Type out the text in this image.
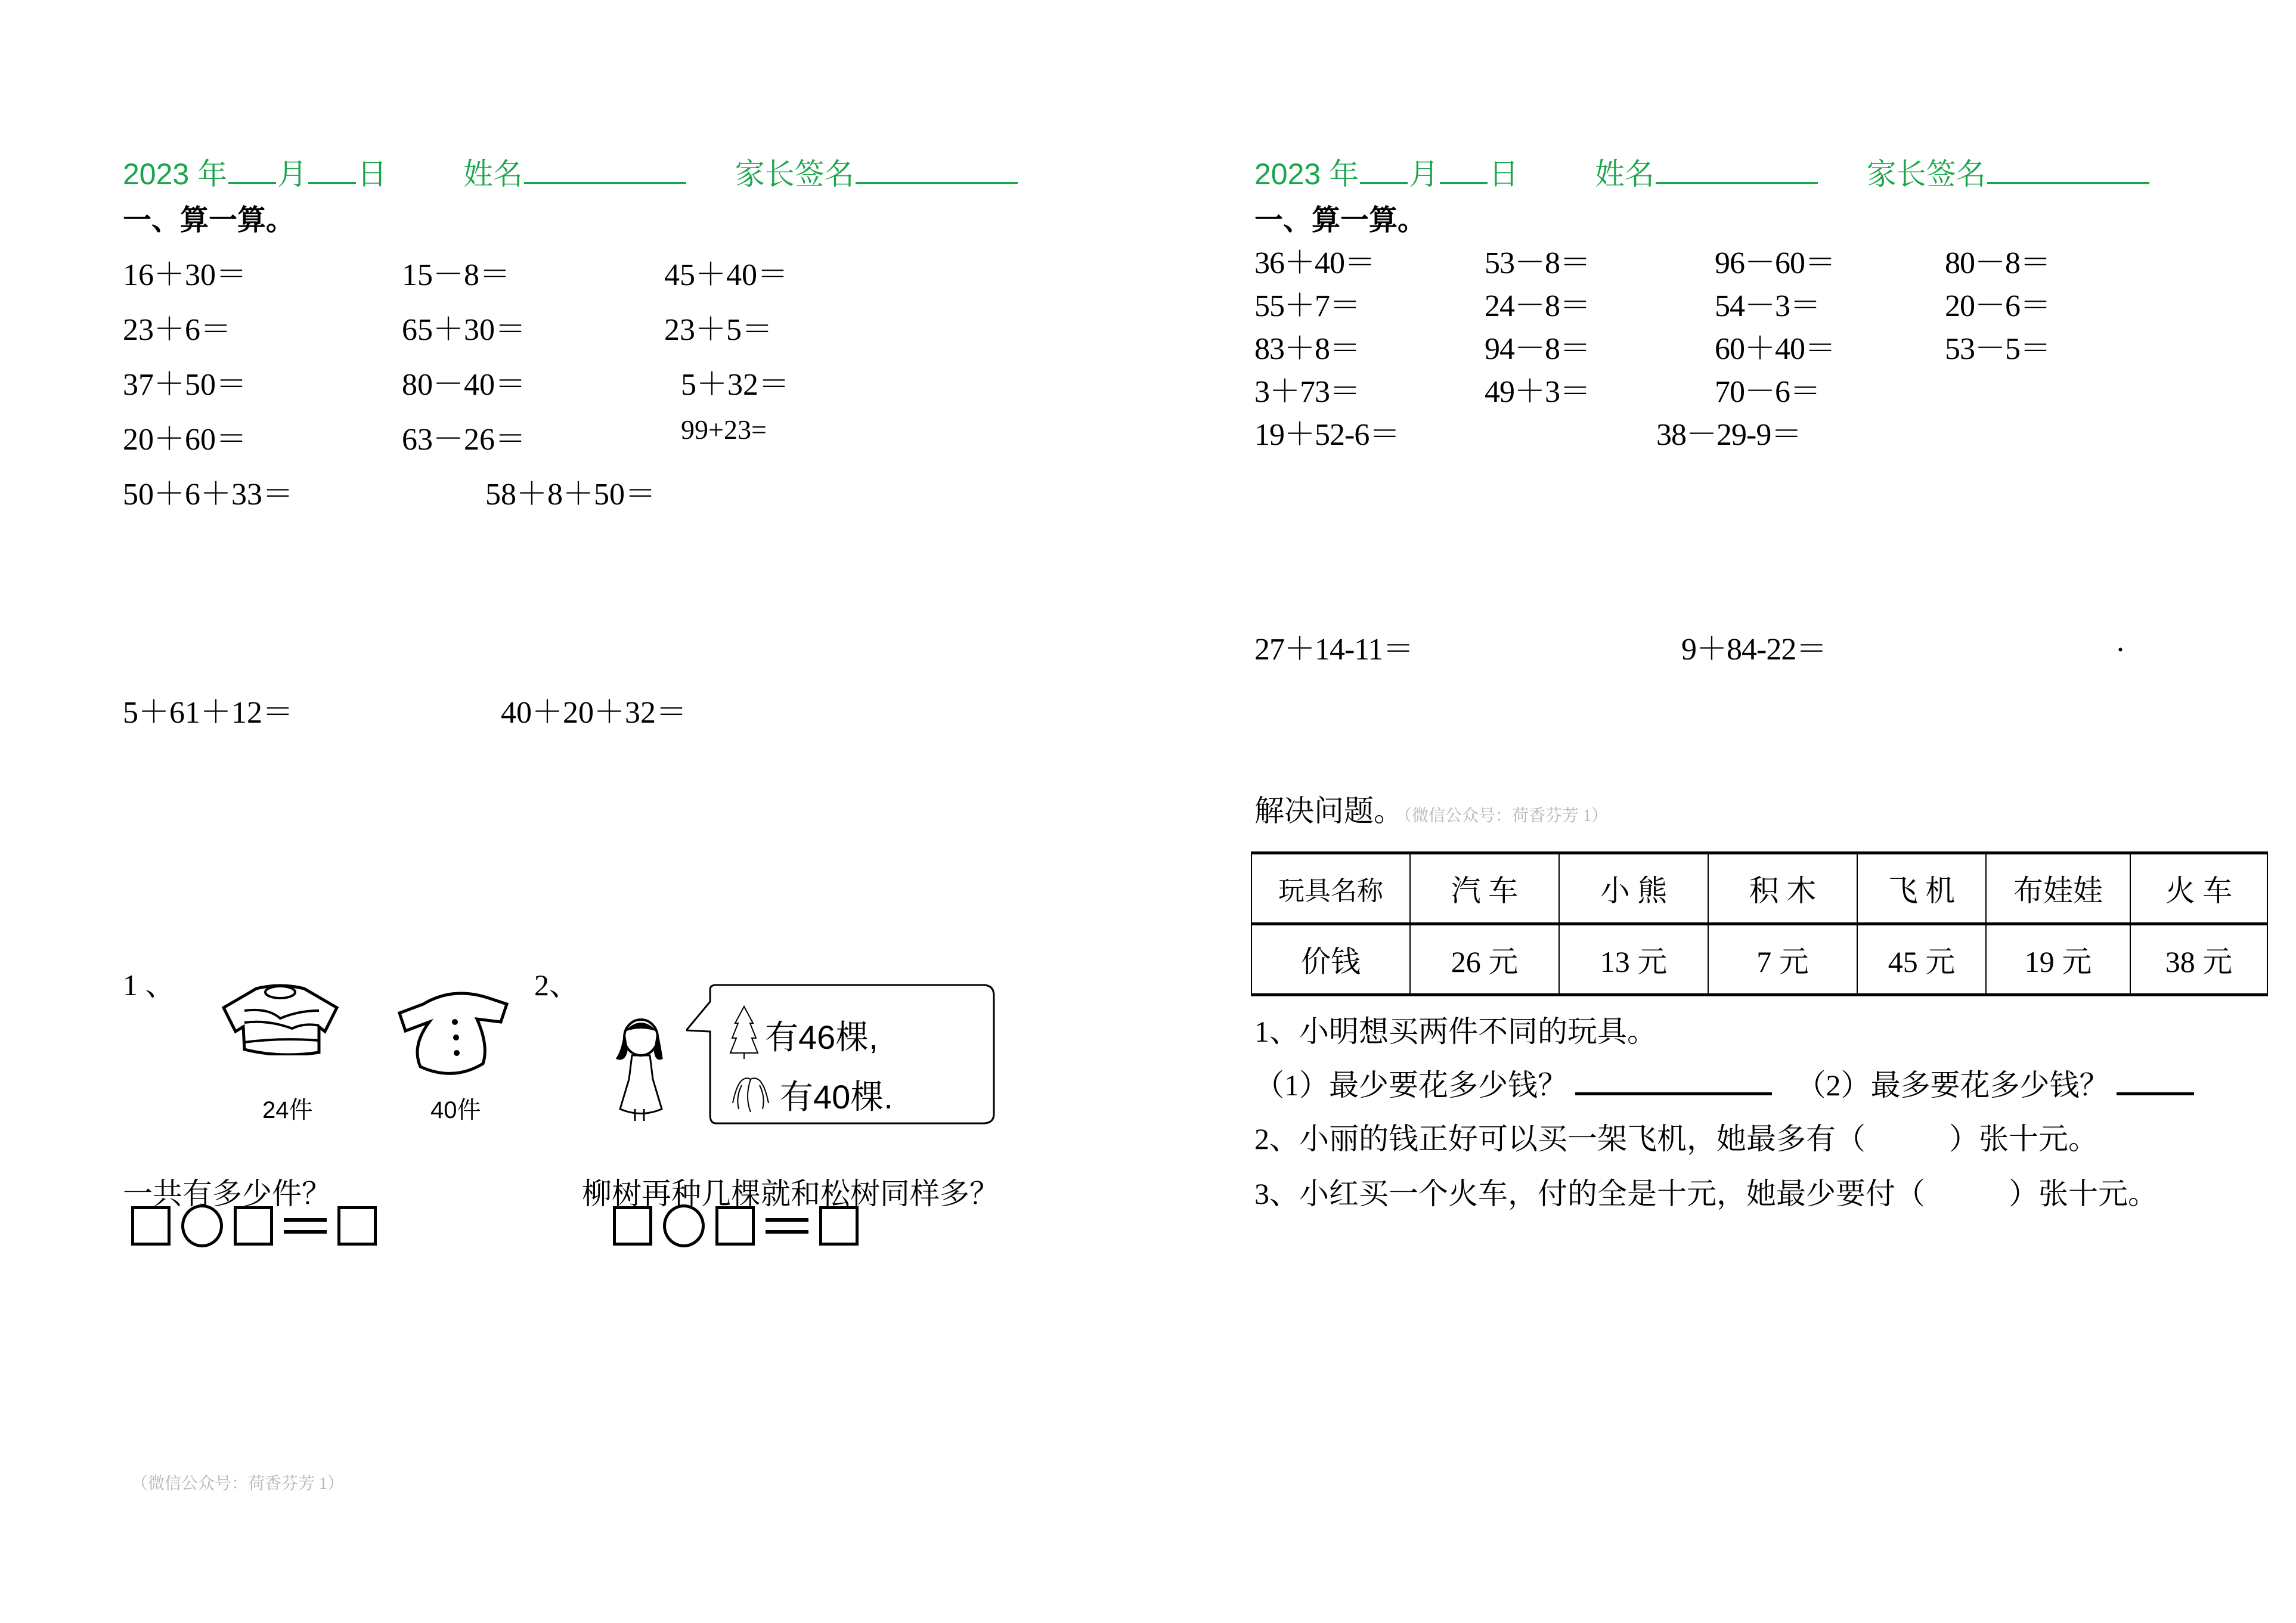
2023 年 月 日	姓名	家长签名
一、算一算。
16＋30＝	15－8＝	45＋40＝
23＋6＝	65＋30＝	23＋5＝
37＋50＝	80－40＝	5＋32＝
20＋60＝	63－26＝	99+23=
50＋6＋33＝	58＋8＋50＝
5＋61＋12＝	40＋20＋32＝
1 、
24件	40件
一共有多少件？
2、
有46棵,
有40棵.
柳树再种几棵就和松树同样多？
（微信公众号：荷香芬芳 1）
2023 年 月 日	姓名	家长签名
一、算一算。
36＋40＝	53－8＝	96－60＝	80－8＝
55＋7＝	24－8＝	54－3＝	20－6＝
83＋8＝	94－8＝	60＋40＝	53－5＝
3＋73＝	49＋3＝	70－6＝
19＋52-6＝	38－29-9＝
27＋14-11＝	9＋84-22＝	.
解决问题。（微信公众号：荷香芬芳 1）
玩具名称	汽 车	小 熊	积 木	飞 机	布娃娃	火 车
价钱	26 元	13 元	7 元	45 元	19 元	38 元
1、小明想买两件不同的玩具。
（1）最少要花多少钱？	（2）最多要花多少钱？
2、小丽的钱正好可以买一架飞机，她最多有（	）张十元。
3、小红买一个火车，付的全是十元，她最少要付（	）张十元。
